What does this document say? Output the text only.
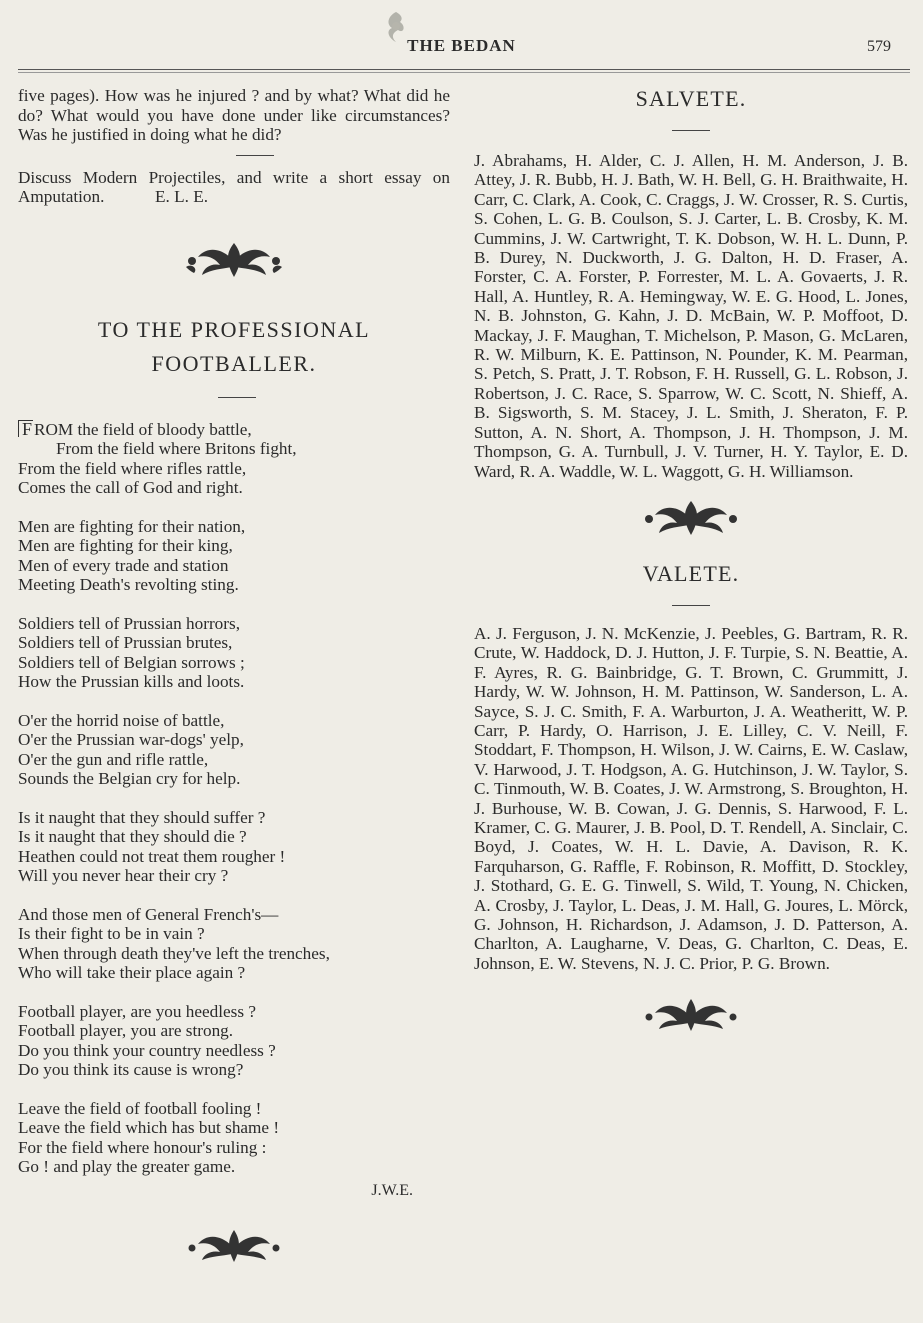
THE BEDAN	579

five pages). How was he injured ? and by what? What did he do? What would you have done under like circumstances? Was he justified in doing what he did?

Discuss Modern Projectiles, and write a short essay on Amputation.	E. L. E.

TO THE PROFESSIONAL

FOOTBALLER.

F ROM the field of bloody battle,
From the field where Britons fight,
From the field where rifles rattle,
Comes the call of God and right.
Men are fighting for their nation,
Men are fighting for their king,
Men of every trade and station
Meeting Death's revolting sting.
Soldiers tell of Prussian horrors,
Soldiers tell of Prussian brutes,
Soldiers tell of Belgian sorrows ;
How the Prussian kills and loots.
O'er the horrid noise of battle,
O'er the Prussian war-dogs' yelp,
O'er the gun and rifle rattle,
Sounds the Belgian cry for help.
Is it naught that they should suffer ?
Is it naught that they should die ?
Heathen could not treat them rougher !
Will you never hear their cry ?
And those men of General French's—
Is their fight to be in vain ?
When through death they've left the trenches,
Who will take their place again ?
Football player, are you heedless ?
Football player, you are strong.
Do you think your country needless ?
Do you think its cause is wrong?
Leave the field of football fooling !
Leave the field which has but shame !
For the field where honour's ruling :
Go ! and play the greater game.
J.W.E.

SALVETE.

J. Abrahams, H. Alder, C. J. Allen, H. M. Anderson, J. B. Attey, J. R. Bubb, H. J. Bath, W. H. Bell, G. H. Braithwaite, H. Carr, C. Clark, A. Cook, C. Craggs, J. W. Crosser, R. S. Curtis, S. Cohen, L. G. B. Coulson, S. J. Carter, L. B. Crosby, K. M. Cummins, J. W. Cartwright, T. K. Dobson, W. H. L. Dunn, P. B. Durey, N. Duckworth, J. G. Dalton, H. D. Fraser, A. Forster, C. A. Forster, P. Forrester, M. L. A. Govaerts, J. R. Hall, A. Huntley, R. A. Hemingway, W. E. G. Hood, L. Jones, N. B. Johnston, G. Kahn, J. D. McBain, W. P. Moffoot, D. Mackay, J. F. Maughan, T. Michelson, P. Mason, G. McLaren, R. W. Milburn, K. E. Pattinson, N. Pounder, K. M. Pearman, S. Petch, S. Pratt, J. T. Robson, F. H. Russell, G. L. Robson, J. Robertson, J. C. Race, S. Sparrow, W. C. Scott, N. Shieff, A. B. Sigsworth, S. M. Stacey, J. L. Smith, J. Sheraton, F. P. Sutton, A. N. Short, A. Thompson, J. H. Thompson, J. M. Thompson, G. A. Turnbull, J. V. Turner, H. Y. Taylor, E. D. Ward, R. A. Waddle, W. L. Waggott, G. H. Williamson.

VALETE.

A. J. Ferguson, J. N. McKenzie, J. Peebles, G. Bartram, R. R. Crute, W. Haddock, D. J. Hutton, J. F. Turpie, S. N. Beattie, A. F. Ayres, R. G. Bainbridge, G. T. Brown, C. Grummitt, J. Hardy, W. W. Johnson, H. M. Pattinson, W. Sanderson, L. A. Sayce, S. J. C. Smith, F. A. Warburton, J. A. Weatheritt, W. P. Carr, P. Hardy, O. Harrison, J. E. Lilley, C. V. Neill, F. Stoddart, F. Thompson, H. Wilson, J. W. Cairns, E. W. Caslaw, V. Harwood, J. T. Hodgson, A. G. Hutchinson, J. W. Taylor, S. C. Tinmouth, W. B. Coates, J. W. Armstrong, S. Broughton, H. J. Burhouse, W. B. Cowan, J. G. Dennis, S. Harwood, F. L. Kramer, C. G. Maurer, J. B. Pool, D. T. Rendell, A. Sinclair, C. Boyd, J. Coates, W. H. L. Davie, A. Davison, R. K. Farquharson, G. Raffle, F. Robinson, R. Moffitt, D. Stockley, J. Stothard, G. E. G. Tinwell, S. Wild, T. Young, N. Chicken, A. Crosby, J. Taylor, L. Deas, J. M. Hall, G. Joures, L. Mörck, G. Johnson, H. Richardson, J. Adamson, J. D. Patterson, A. Charlton, A. Laugharne, V. Deas, G. Charlton, C. Deas, E. Johnson, E. W. Stevens, N. J. C. Prior, P. G. Brown.
